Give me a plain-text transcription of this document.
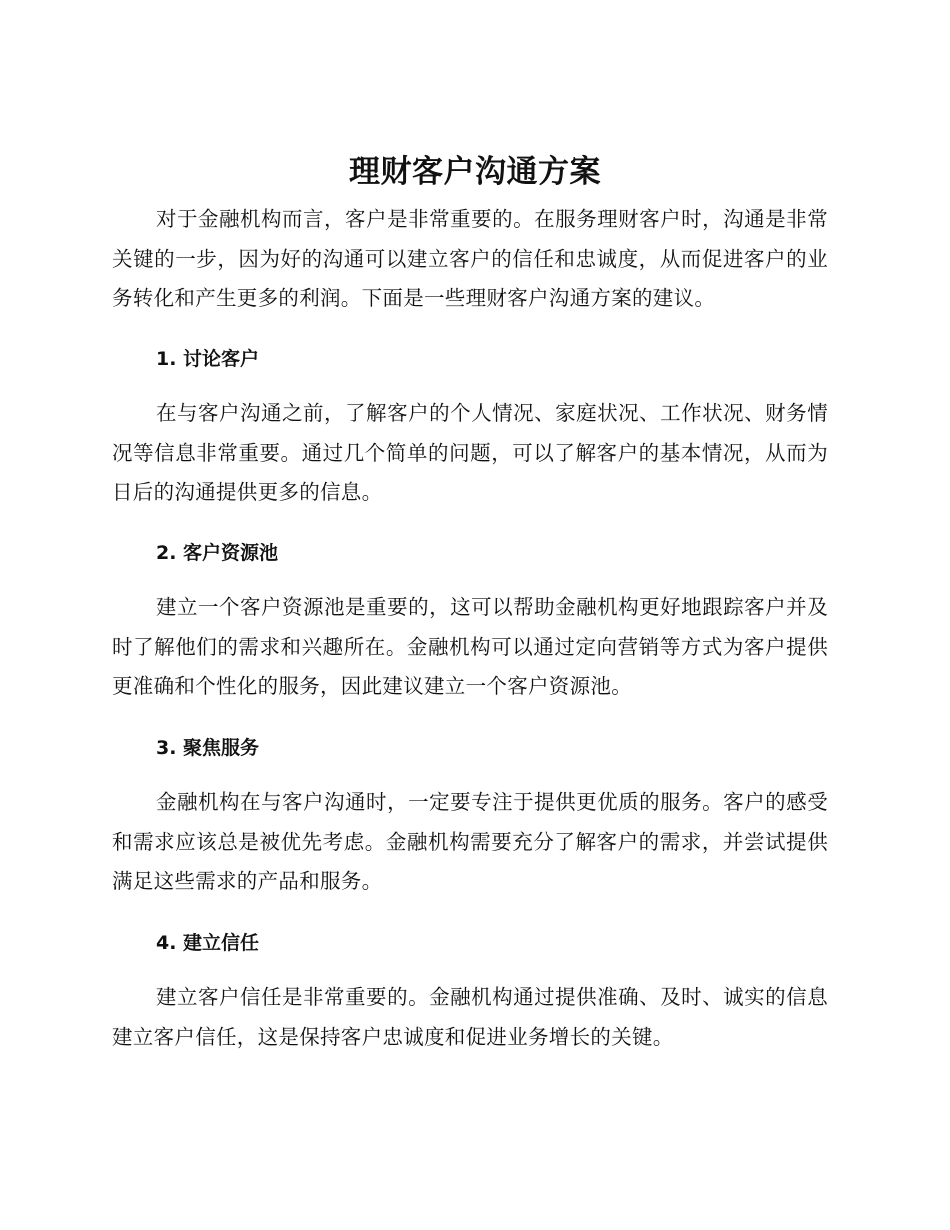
理财客户沟通方案

对于金融机构而言，客户是非常重要的。在服务理财客户时，沟通是非常关键的一步，因为好的沟通可以建立客户的信任和忠诚度，从而促进客户的业务转化和产生更多的利润。下面是一些理财客户沟通方案的建议。

1. 讨论客户

在与客户沟通之前，了解客户的个人情况、家庭状况、工作状况、财务情况等信息非常重要。通过几个简单的问题，可以了解客户的基本情况，从而为日后的沟通提供更多的信息。

2. 客户资源池

建立一个客户资源池是重要的，这可以帮助金融机构更好地跟踪客户并及时了解他们的需求和兴趣所在。金融机构可以通过定向营销等方式为客户提供更准确和个性化的服务，因此建议建立一个客户资源池。

3. 聚焦服务

金融机构在与客户沟通时，一定要专注于提供更优质的服务。客户的感受和需求应该总是被优先考虑。金融机构需要充分了解客户的需求，并尝试提供满足这些需求的产品和服务。

4. 建立信任

建立客户信任是非常重要的。金融机构通过提供准确、及时、诚实的信息建立客户信任，这是保持客户忠诚度和促进业务增长的关键。
